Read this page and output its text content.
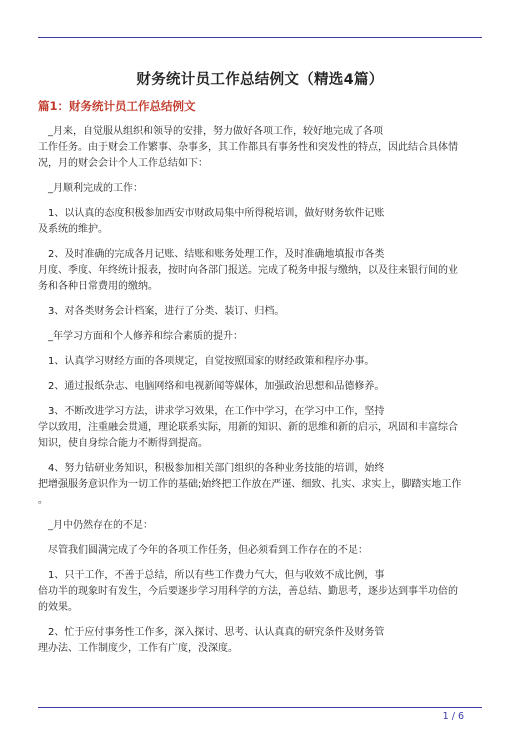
财务统计员工作总结例文（精选4篇）
篇1：财务统计员工作总结例文

　_月来，自觉服从组织和领导的安排，努力做好各项工作，较好地完成了各项
工作任务。由于财会工作繁事、杂事多，其工作都具有事务性和突发性的特点，因此结合具体情
况，月的财会会计个人工作总结如下：

　_月顺利完成的工作：

　1、以认真的态度积极参加西安市财政局集中所得税培训，做好财务软件记账
及系统的维护。

　2、及时准确的完成各月记账、结账和账务处理工作，及时准确地填报市各类
月度、季度、年终统计报表，按时向各部门报送。完成了税务申报与缴纳，以及往来银行间的业
务和各种日常费用的缴纳。

　3、对各类财务会计档案，进行了分类、装订、归档。

　_年学习方面和个人修养和综合素质的提升：

　1、认真学习财经方面的各项规定，自觉按照国家的财经政策和程序办事。

　2、通过报纸杂志、电脑网络和电视新闻等媒体，加强政治思想和品德修养。

　3、不断改进学习方法，讲求学习效果，在工作中学习，在学习中工作，坚持
学以致用，注重融会贯通，理论联系实际，用新的知识、新的思维和新的启示，巩固和丰富综合
知识，使自身综合能力不断得到提高。

　4、努力钻研业务知识，积极参加相关部门组织的各种业务技能的培训，始终
把增强服务意识作为一切工作的基础;始终把工作放在严谨、细致、扎实、求实上，脚踏实地工作
。

　_月中仍然存在的不足：

　尽管我们圆满完成了今年的各项工作任务，但必须看到工作存在的不足：

　1、只干工作，不善于总结，所以有些工作费力气大，但与收效不成比例，事
倍功半的现象时有发生，今后要逐步学习用科学的方法，善总结、勤思考，逐步达到事半功倍的
的效果。

　2、忙于应付事务性工作多，深入探讨、思考、认认真真的研究条件及财务管
理办法、工作制度少，工作有广度，没深度。

1 / 6
